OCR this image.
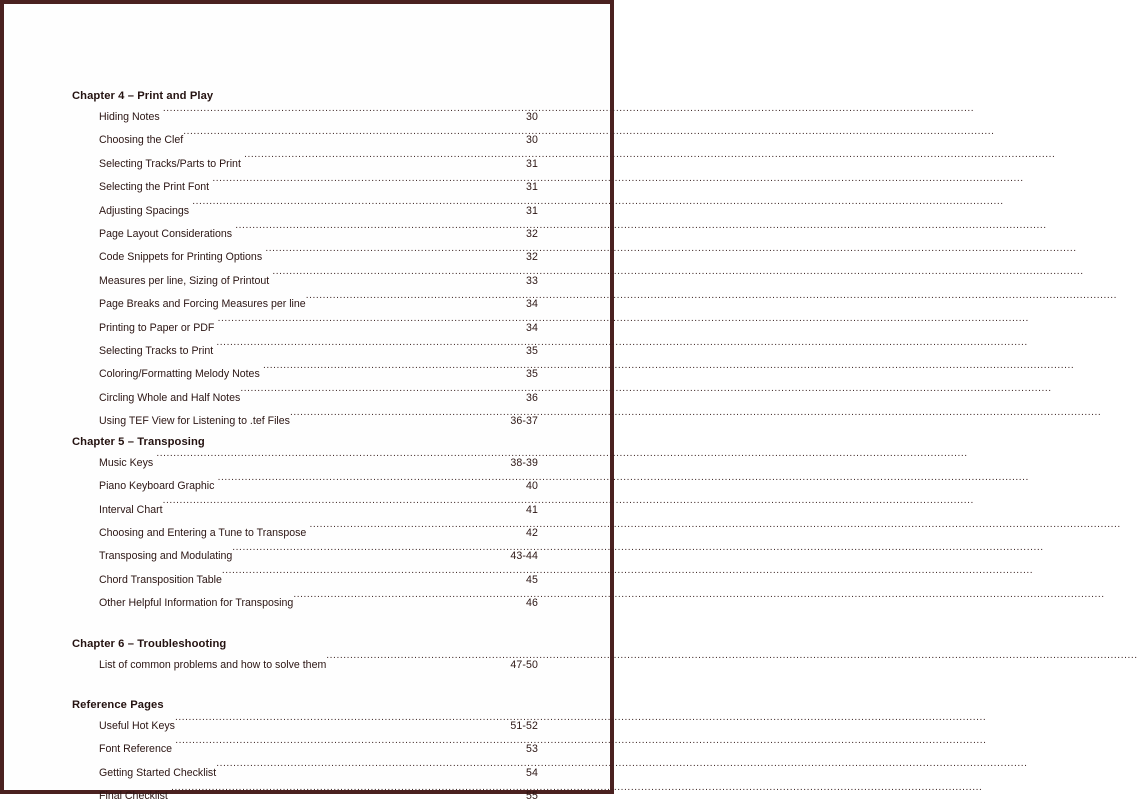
Chapter 4 – Print and Play
Hiding Notes .....	30
Choosing the Clef .....	30
Selecting Tracks/Parts to Print .....	31
Selecting the Print Font .....	31
Adjusting Spacings .....	31
Page Layout Considerations .....	32
Code Snippets for Printing Options .....	32
Measures per line, Sizing of Printout .....	33
Page Breaks and Forcing Measures per line .....	34
Printing to Paper or PDF .....	34
Selecting Tracks to Print .....	35
Coloring/Formatting Melody Notes .....	35
Circling Whole and Half Notes .....	36
Using TEF View for Listening to .tef Files .....	36-37
Chapter 5 – Transposing
Music Keys .....	38-39
Piano Keyboard Graphic .....	40
Interval Chart .....	41
Choosing and Entering a Tune to Transpose .....	42
Transposing and Modulating .....	43-44
Chord Transposition Table .....	45
Other Helpful Information for Transposing .....	46
Chapter 6 – Troubleshooting
List of common problems and how to solve them .....	47-50
Reference Pages
Useful Hot Keys .....	51-52
Font Reference .....	53
Getting Started Checklist .....	54
Final Checklist .....	55
